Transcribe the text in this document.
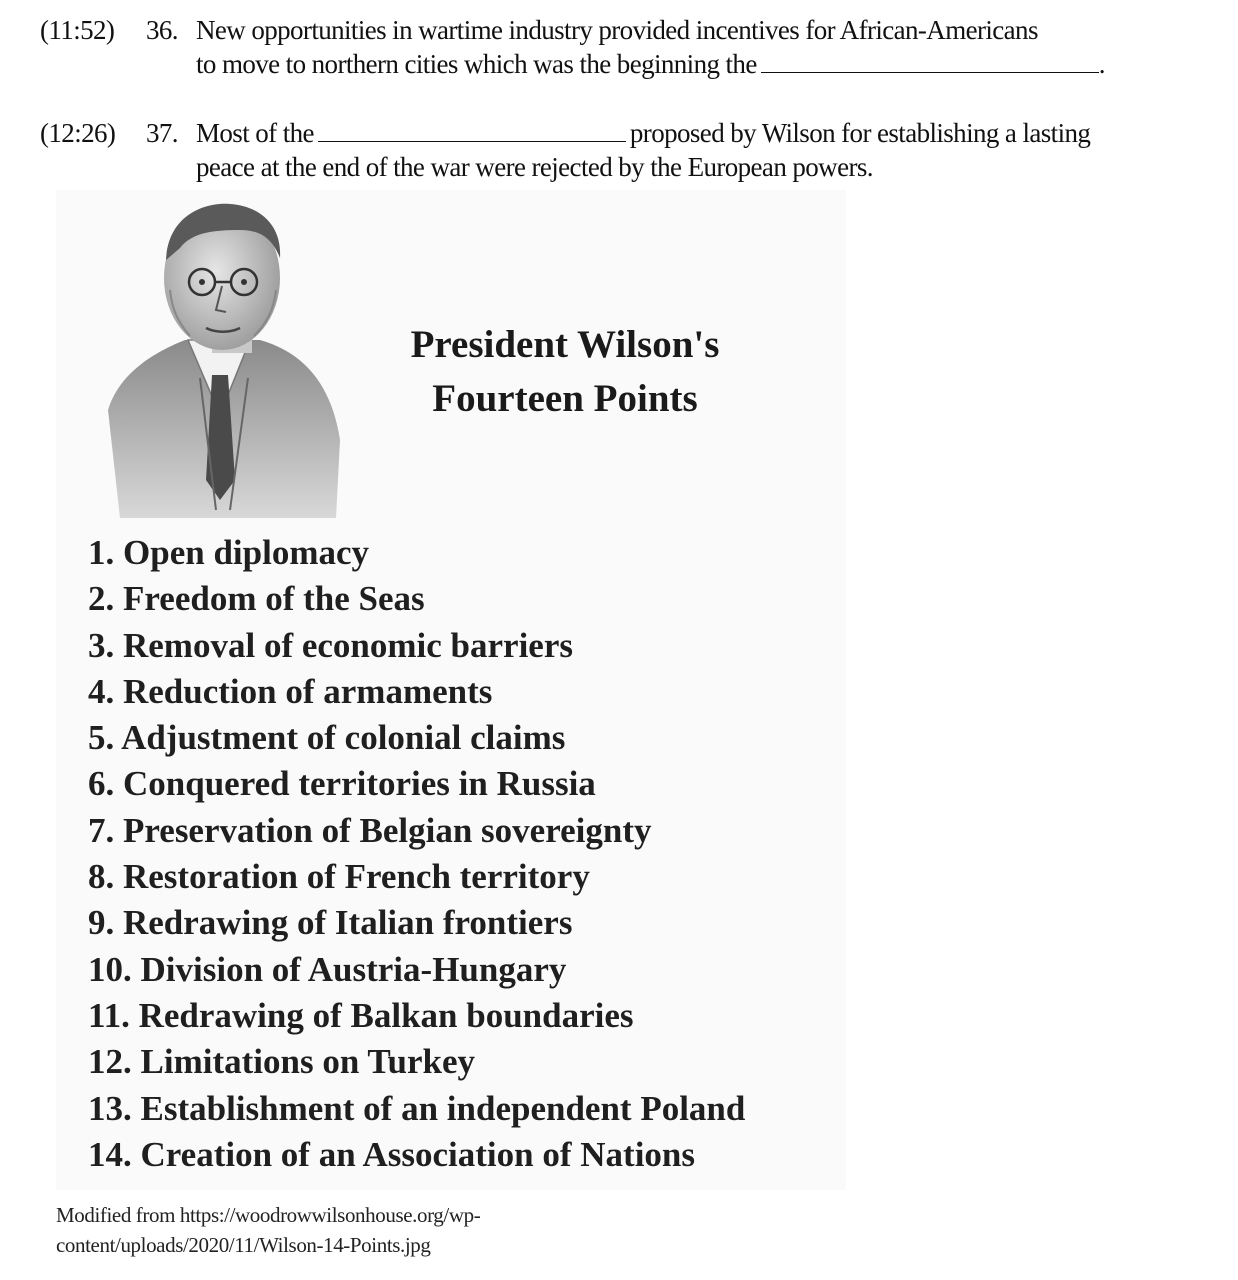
(11:52) 36. New opportunities in wartime industry provided incentives for African-Americans
to move to northern cities which was the beginning the	.
(12:26) 37. Most of the	proposed by Wilson for establishing a lasting
peace at the end of the war were rejected by the European powers.
President Wilson's
Fourteen Points
1. Open diplomacy
2. Freedom of the Seas
3. Removal of economic barriers
4. Reduction of armaments
5. Adjustment of colonial claims
6. Conquered territories in Russia
7. Preservation of Belgian sovereignty
8. Restoration of French territory
9. Redrawing of Italian frontiers
10. Division of Austria-Hungary
11. Redrawing of Balkan boundaries
12. Limitations on Turkey
13. Establishment of an independent Poland
14. Creation of an Association of Nations
Modified from https://woodrowwilsonhouse.org/wp-
content/uploads/2020/11/Wilson-14-Points.jpg
